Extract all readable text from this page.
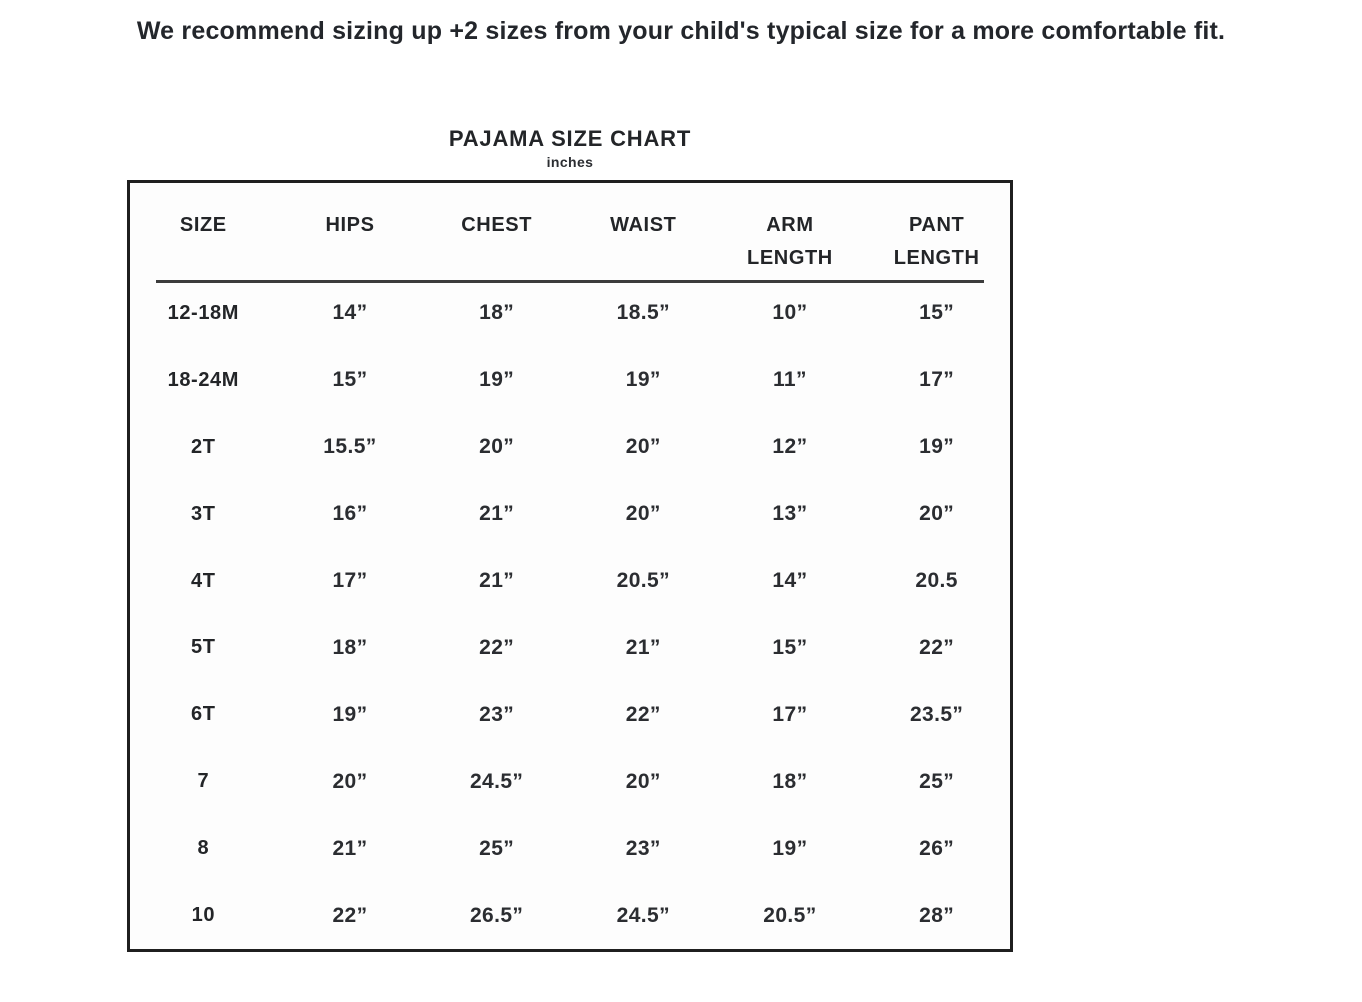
We recommend sizing up +2 sizes from your child's typical size for a more comfortable fit.

PAJAMA SIZE CHART
inches
SIZE	HIPS	CHEST	WAIST	ARM LENGTH	PANT LENGTH
12-18M	14”	18”	18.5”	10”	15”
18-24M	15”	19”	19”	11”	17”
2T	15.5”	20”	20”	12”	19”
3T	16”	21”	20”	13”	20”
4T	17”	21”	20.5”	14”	20.5
5T	18”	22”	21”	15”	22”
6T	19”	23”	22”	17”	23.5”
7	20”	24.5”	20”	18”	25”
8	21”	25”	23”	19”	26”
10	22”	26.5”	24.5”	20.5”	28”
